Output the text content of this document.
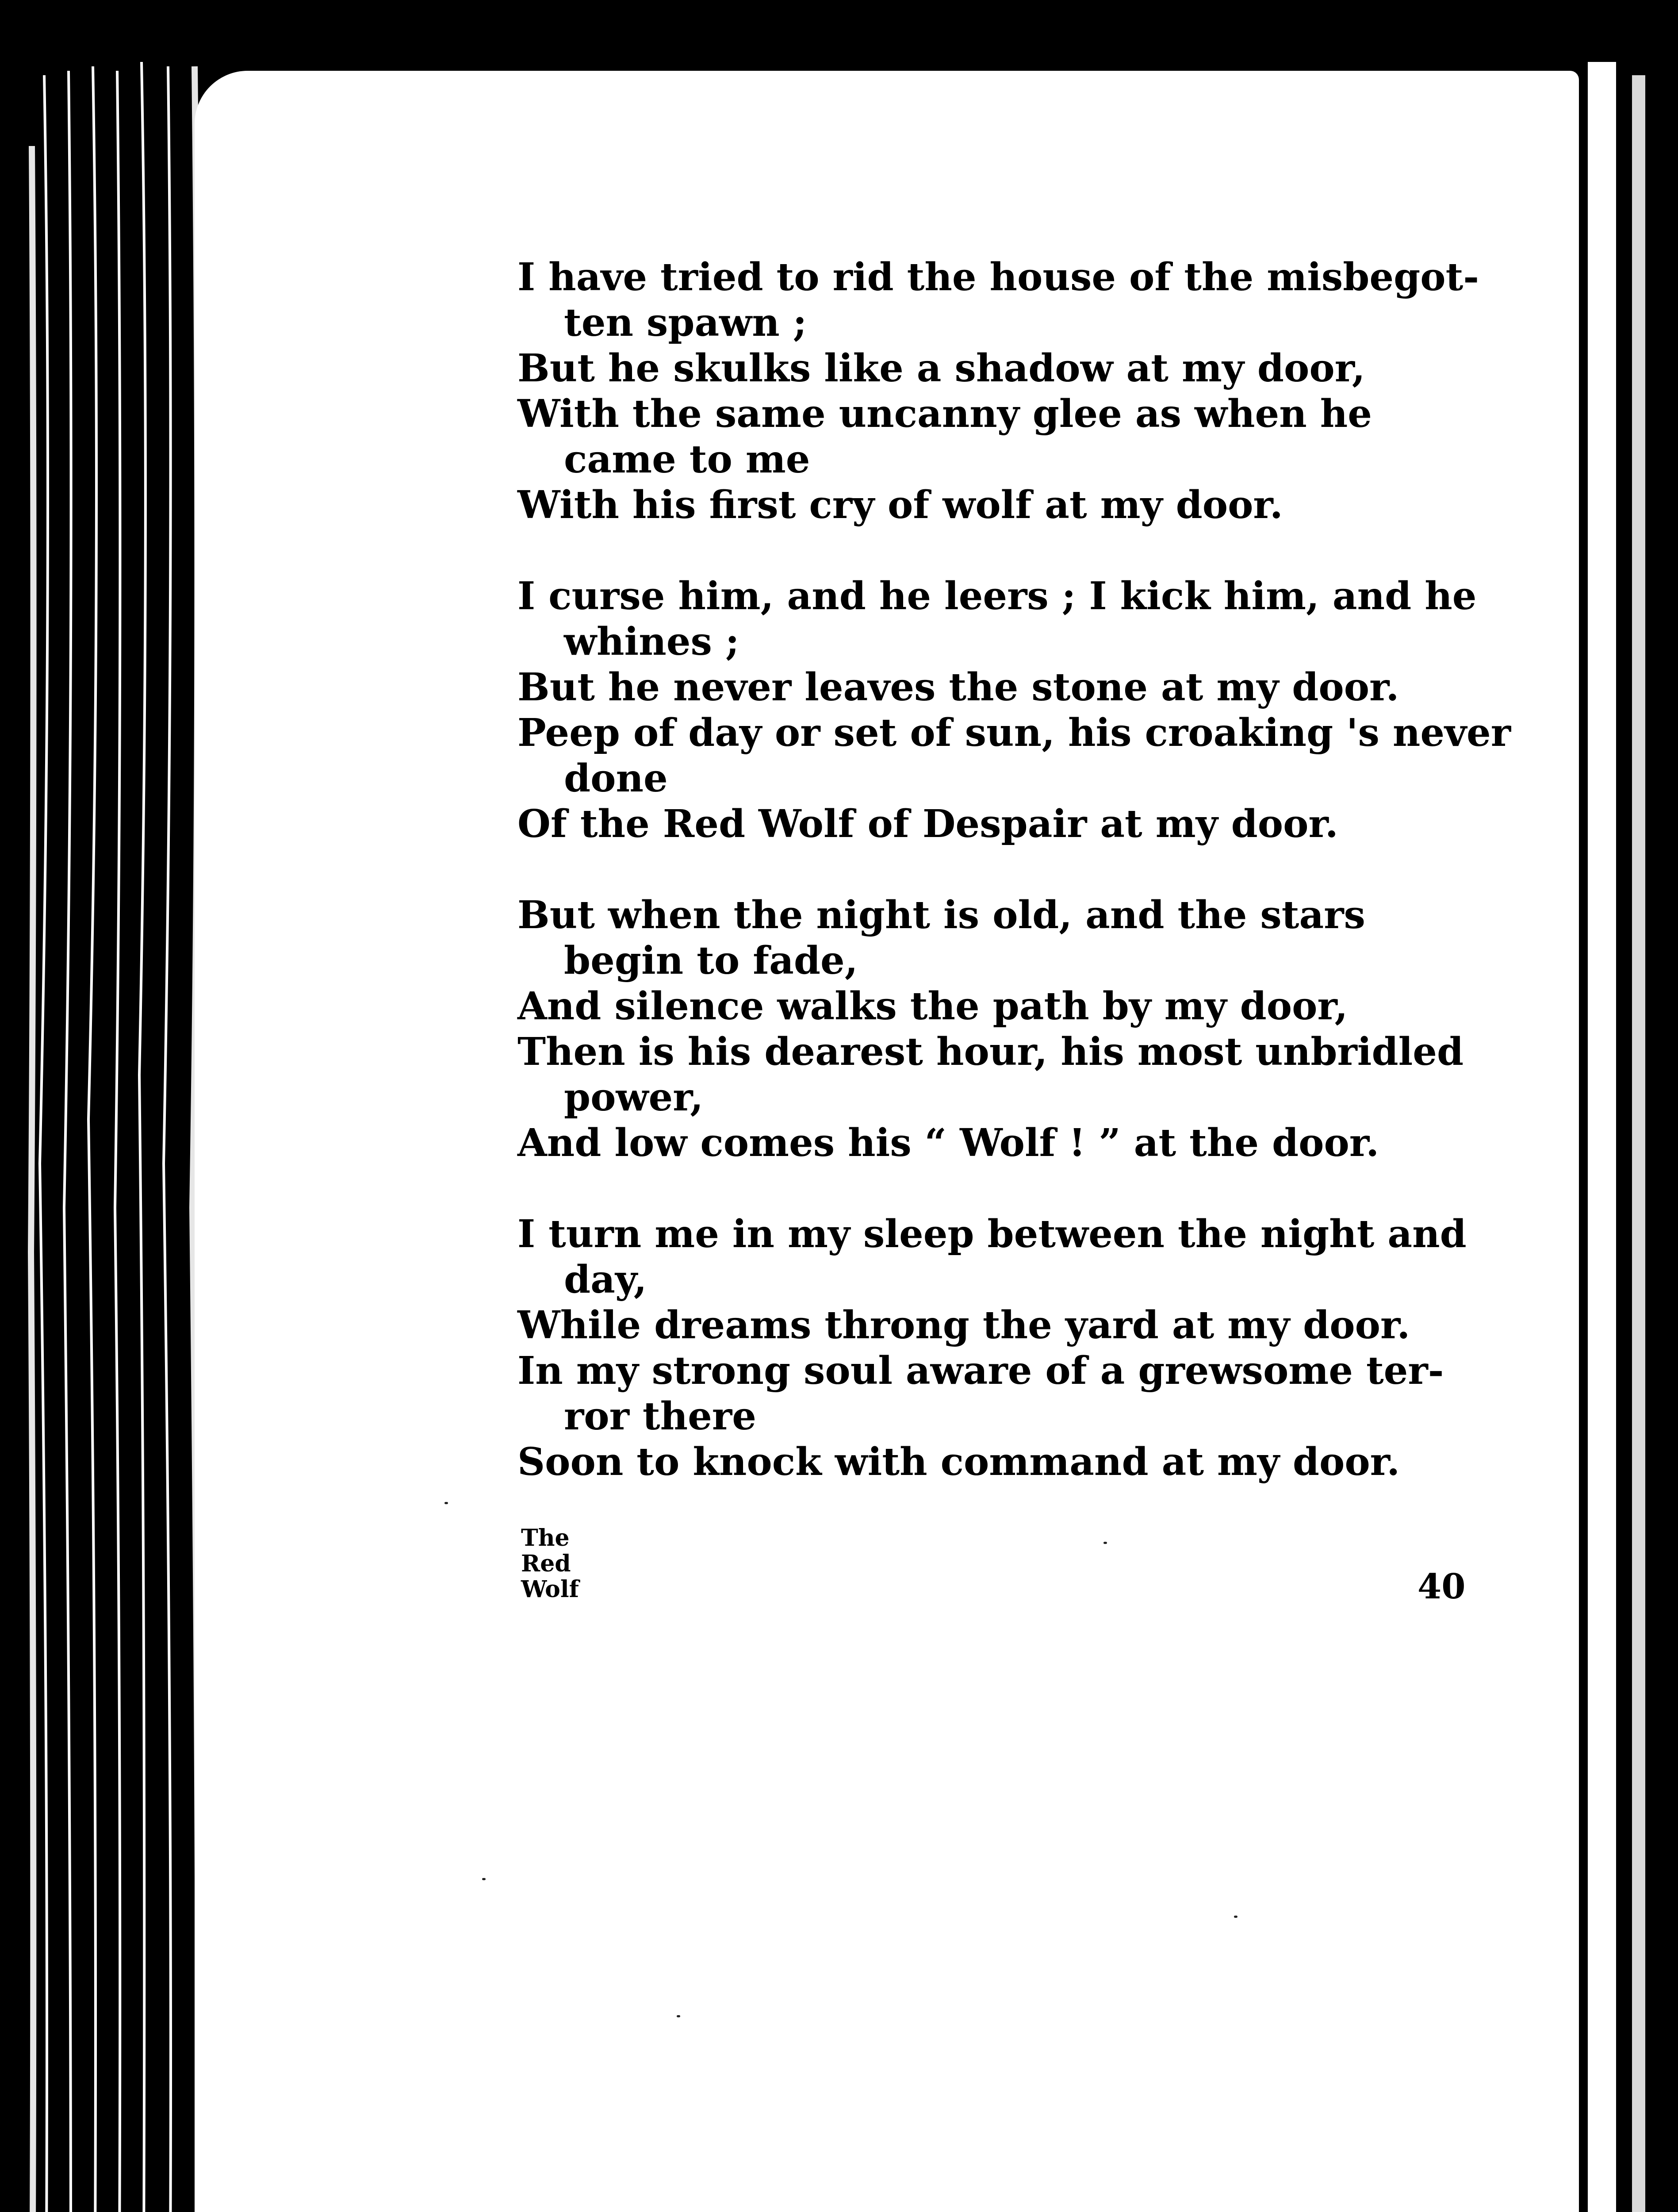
I have tried to rid the house of the misbegot-
ten spawn ;
But he skulks like a shadow at my door,
With the same uncanny glee as when he
came to me
With his first cry of wolf at my door.
I curse him, and he leers ; I kick him, and he
whines ;
But he never leaves the stone at my door.
Peep of day or set of sun, his croaking 's never
done
Of the Red Wolf of Despair at my door.
But when the night is old, and the stars
begin to fade,
And silence walks the path by my door,
Then is his dearest hour, his most unbridled
power,
And low comes his “ Wolf ! ” at the door.
I turn me in my sleep between the night and
day,
While dreams throng the yard at my door.
In my strong soul aware of a grewsome ter-
ror there
Soon to knock with command at my door.
The
Red
Wolf	40
